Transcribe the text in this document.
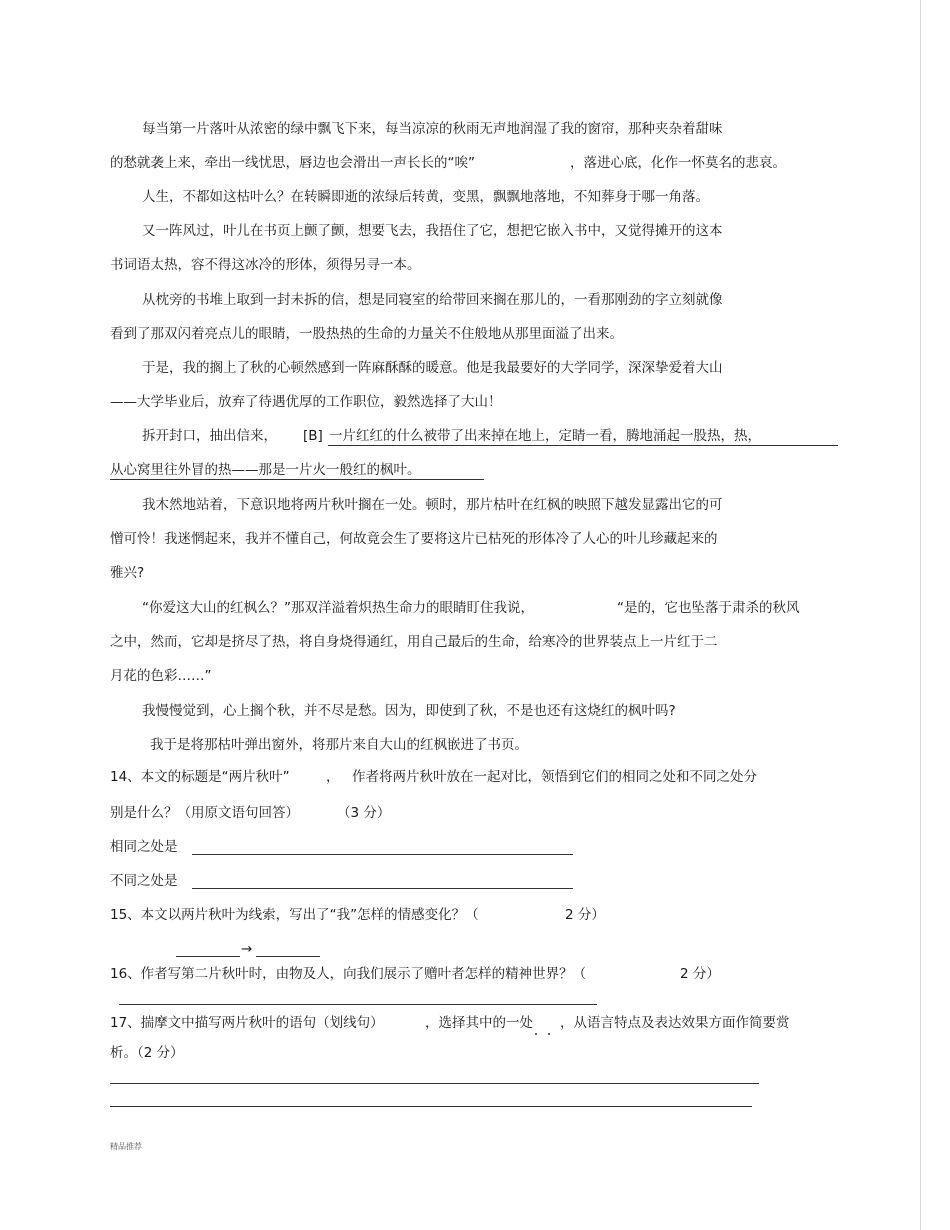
每当第一片落叶从浓密的绿中飘飞下来，每当凉凉的秋雨无声地润湿了我的窗帘，那种夹杂着甜味
的愁就袭上来，牵出一线忧思，唇边也会滑出一声长长的“唉”	，落进心底，化作一怀莫名的悲哀。
人生，不都如这枯叶么？在转瞬即逝的浓绿后转黄，变黑，飘飘地落地，不知葬身于哪一角落。
又一阵风过，叶儿在书页上颤了颤，想要飞去，我捂住了它，想把它嵌入书中，又觉得摊开的这本
书词语太热，容不得这冰冷的形体，须得另寻一本。
从枕旁的书堆上取到一封未拆的信，想是同寝室的给带回来搁在那儿的，一看那刚劲的字立刻就像
看到了那双闪着亮点儿的眼睛，一股热热的生命的力量关不住般地从那里面溢了出来。
于是，我的搁上了秋的心顿然感到一阵麻酥酥的暖意。他是我最要好的大学同学，深深挚爱着大山
——大学毕业后，放弃了待遇优厚的工作职位，毅然选择了大山！
拆开封口，抽出信来， [B] 一片红红的什么被带了出来掉在地上，定睛一看，腾地涌起一股热，热，
从心窝里往外冒的热——那是一片火一般红的枫叶。
我木然地站着，下意识地将两片秋叶搁在一处。顿时，那片枯叶在红枫的映照下越发显露出它的可
憎可怜！我迷惘起来，我并不懂自己，何故竟会生了要将这片已枯死的形体冷了人心的叶儿珍藏起来的
雅兴?
“你爱这大山的红枫么？”那双洋溢着炽热生命力的眼睛盯住我说，	“是的，它也坠落于肃杀的秋风
之中，然而，它却是挤尽了热，将自身烧得通红，用自己最后的生命，给寒冷的世界装点上一片红于二
月花的色彩……”
我慢慢觉到，心上搁个秋，并不尽是愁。因为，即使到了秋，不是也还有这烧红的枫叶吗?
我于是将那枯叶弹出窗外，将那片来自大山的红枫嵌进了书页。
14、本文的标题是“两片秋叶”	， 作者将两片秋叶放在一起对比，领悟到它们的相同之处和不同之处分
别是什么？（用原文语句回答）	（3 分）
相同之处是
不同之处是
15、本文以两片秋叶为线索，写出了“我”怎样的情感变化？（	2 分）
→
16、作者写第二片秋叶时，由物及人，向我们展示了赠叶者怎样的精神世界？（	2 分）
17、揣摩文中描写两片秋叶的语句（划线句）	，选择其中的一处 ，从语言特点及表达效果方面作简要赏
析。（2 分）
精品推荐
